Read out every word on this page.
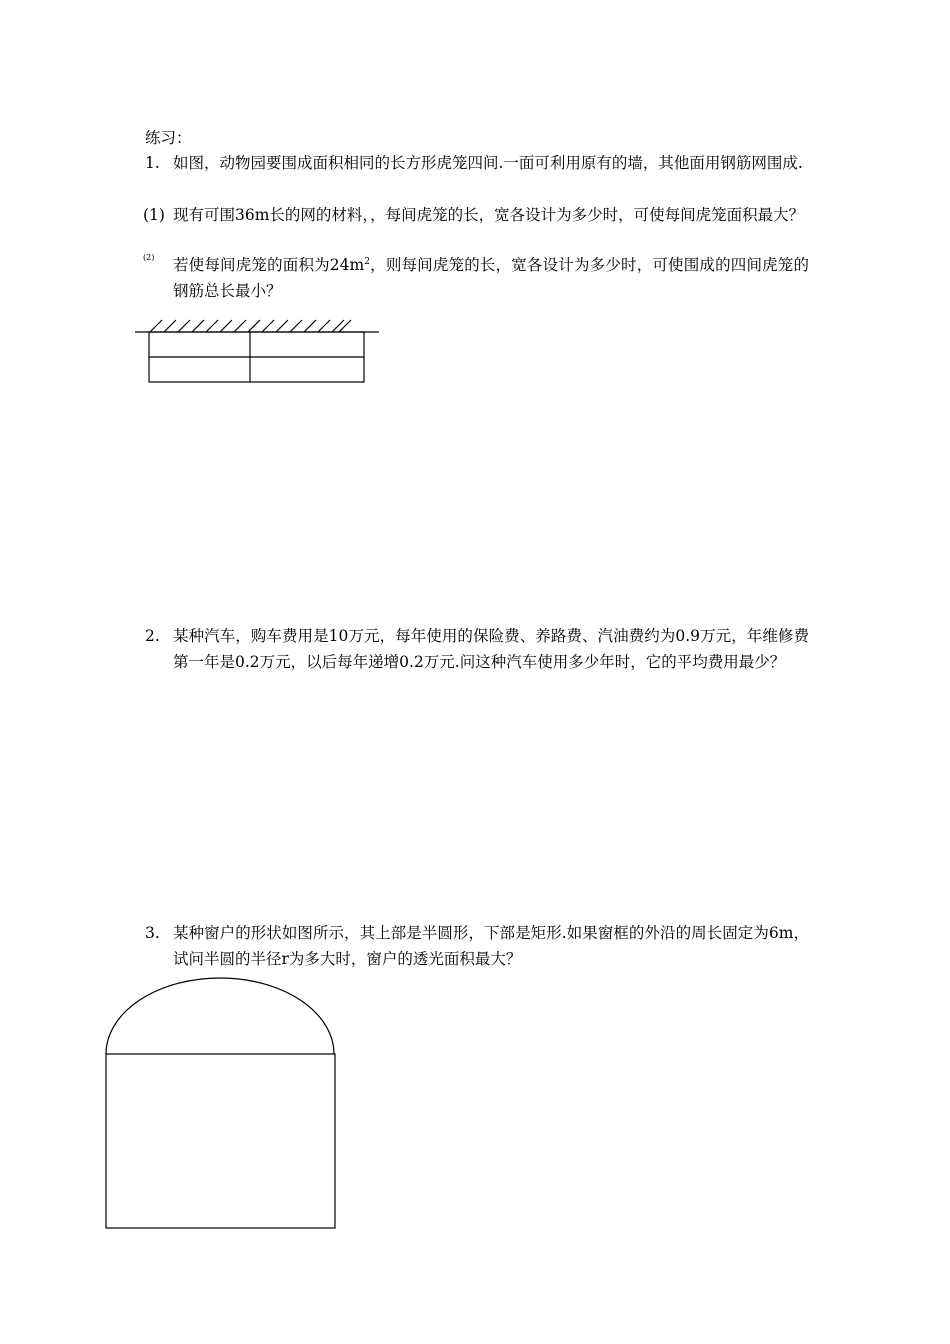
练习：
1. 如图，动物园要围成面积相同的长方形虎笼四间.一面可利用原有的墙，其他面用钢筋网围成.
(1) 现有可围36m长的网的材料，，每间虎笼的长，宽各设计为多少时，可使每间虎笼面积最大？
(2) 若使每间虎笼的面积为$24m^2$，则每间虎笼的长，宽各设计为多少时，可使围成的四间虎笼的钢筋总长最小？
2. 某种汽车，购车费用是10万元，每年使用的保险费、养路费、汽油费约为0.9万元，年维修费第一年是0.2万元，以后每年递增0.2万元.问这种汽车使用多少年时，它的平均费用最少？
3. 某种窗户的形状如图所示，其上部是半圆形，下部是矩形.如果窗框的外沿的周长固定为6m，试问半圆的半径r为多大时，窗户的透光面积最大？
